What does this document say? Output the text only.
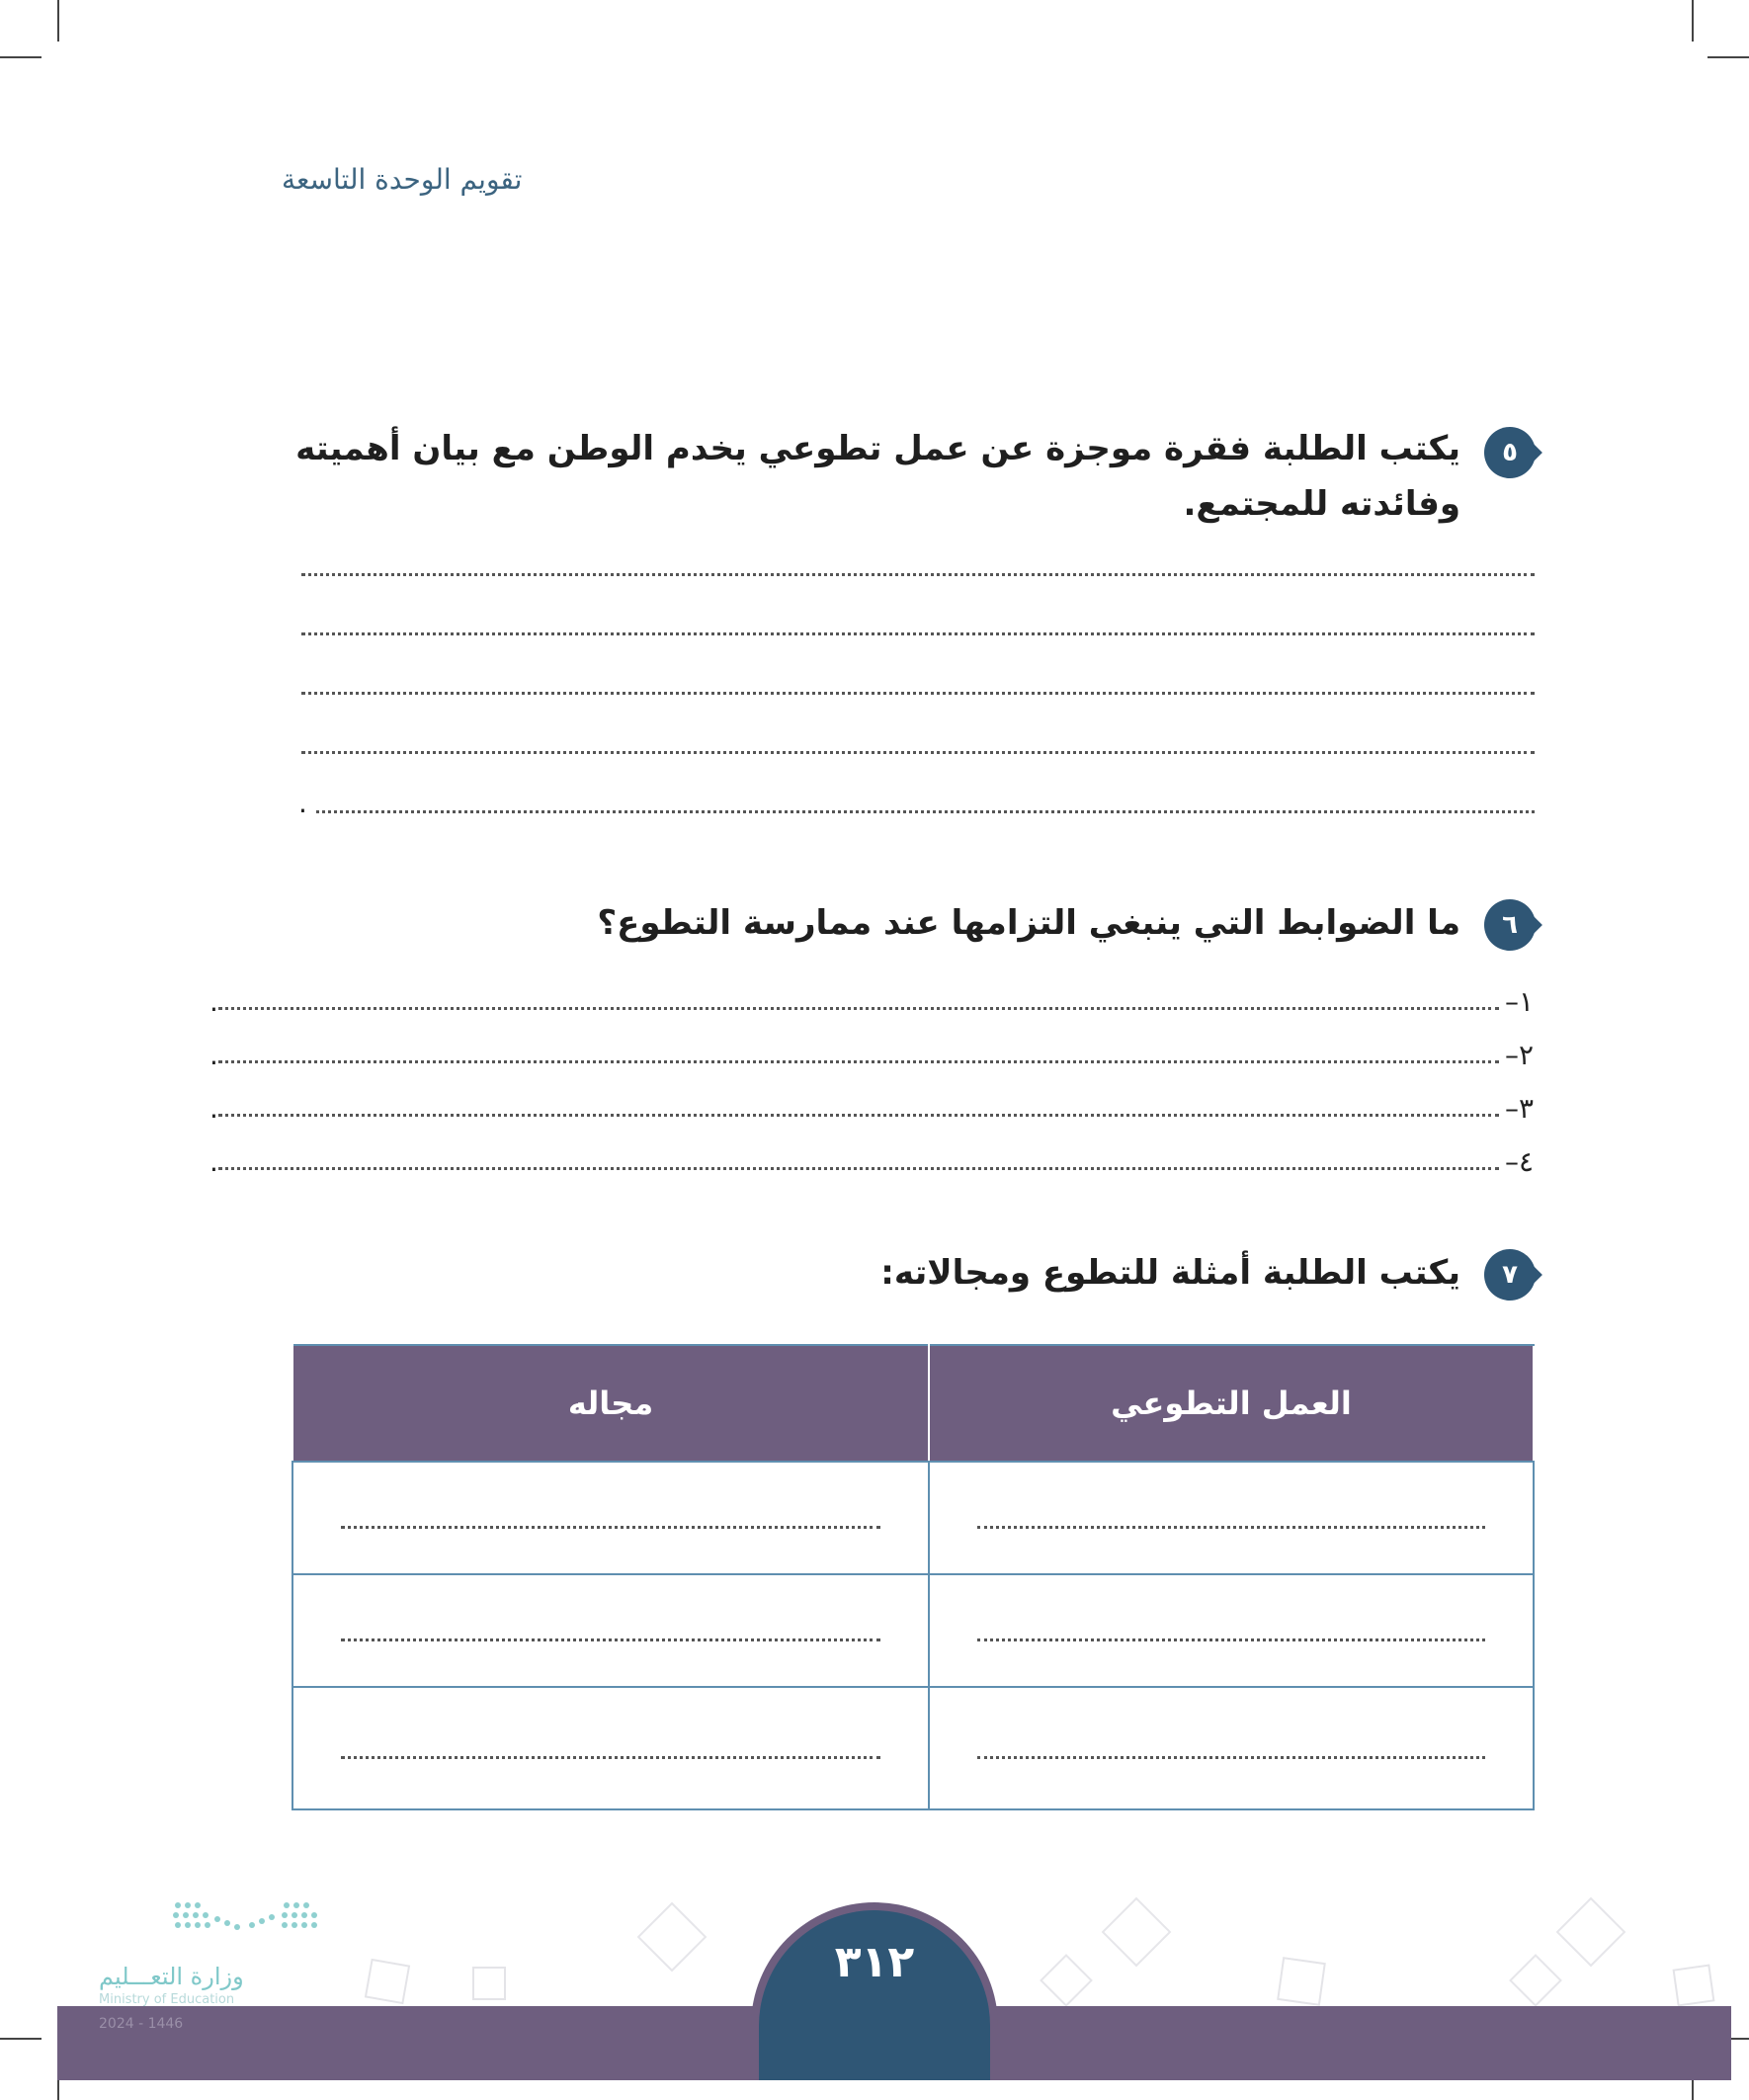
تقويم الوحدة التاسعة
٥
يكتب الطلبة فقرة موجزة عن عمل تطوعي يخدم الوطن مع بيان أهميته وفائدته للمجتمع.
.
٦
ما الضوابط التي ينبغي التزامها عند ممارسة التطوع؟
١–
.
٢–
.
٣–
.
٤–
.
٧
يكتب الطلبة أمثلة للتطوع ومجالاته:
العمل التطوعي	مجاله

٣١٢
وزارة التعـــليم
Ministry of Education
2024 - 1446
